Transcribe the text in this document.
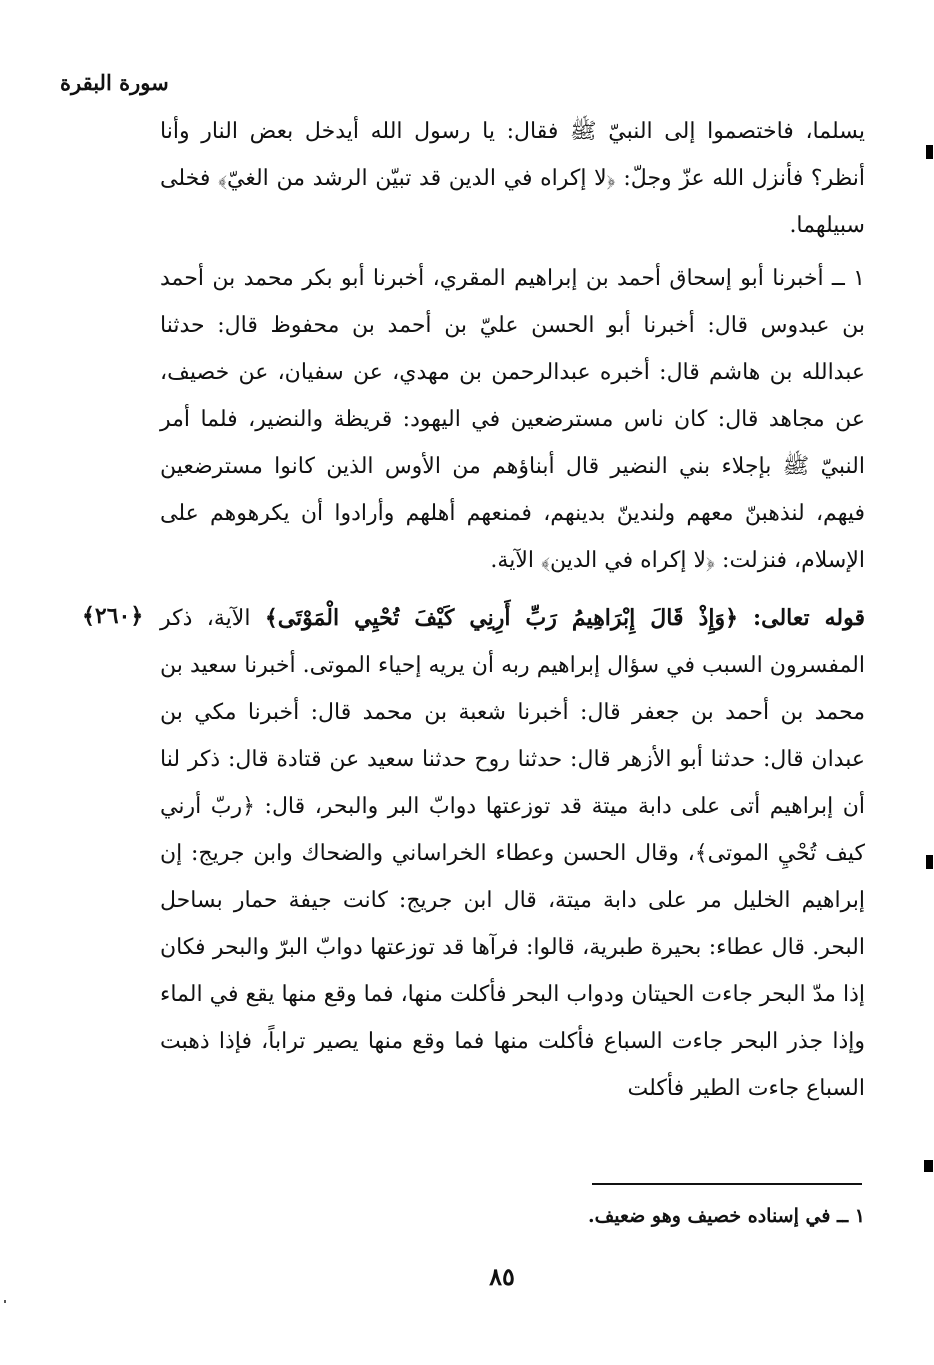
سورة البقرة
يسلما، فاختصموا إلى النبيّ ﷺ فقال: يا رسول الله أيدخل بعض النار وأنا أنظر؟ فأنزل الله عزّ وجلّ: ﴿لا إكراه في الدين قد تبيّن الرشد من الغيّ﴾ فخلى سبيلهما.
١ ــ أخبرنا أبو إسحاق أحمد بن إبراهيم المقري، أخبرنا أبو بكر محمد بن أحمد بن عبدوس قال: أخبرنا أبو الحسن عليّ بن أحمد بن محفوظ قال: حدثنا عبدالله بن هاشم قال: أخبره عبدالرحمن بن مهدي، عن سفيان، عن خصيف، عن مجاهد قال: كان ناس مسترضعين في اليهود: قريظة والنضير، فلما أمر النبيّ ﷺ بإجلاء بني النضير قال أبناؤهم من الأوس الذين كانوا مسترضعين فيهم، لنذهبنّ معهم ولندينّ بدينهم، فمنعهم أهلهم وأرادوا أن يكرهوهم على الإسلام، فنزلت: ﴿لا إكراه في الدين﴾ الآية.
﴿٢٦٠﴾	قوله تعالى: ﴿وَإِذْ قَالَ إِبْرَاهِيمُ رَبِّ أَرِنِي كَيْفَ تُحْيِي الْمَوْتَى﴾ الآية، ذكر المفسرون السبب في سؤال إبراهيم ربه أن يريه إحياء الموتى. أخبرنا سعيد بن محمد بن أحمد بن جعفر قال: أخبرنا شعبة بن محمد قال: أخبرنا مكي بن عبدان قال: حدثنا أبو الأزهر قال: حدثنا روح حدثنا سعيد عن قتادة قال: ذكر لنا أن إبراهيم أتى على دابة ميتة قد توزعتها دوابّ البر والبحر، قال: ﴿ربّ أرني كيف تُحْيِ الموتى﴾، وقال الحسن وعطاء الخراساني والضحاك وابن جريج: إن إبراهيم الخليل مر على دابة ميتة، قال ابن جريج: كانت جيفة حمار بساحل البحر. قال عطاء: بحيرة طبرية، قالوا: فرآها قد توزعتها دوابّ البرّ والبحر فكان إذا مدّ البحر جاءت الحيتان ودواب البحر فأكلت منها، فما وقع منها يقع في الماء وإذا جذر البحر جاءت السباع فأكلت منها فما وقع منها يصير تراباً، فإذا ذهبت السباع جاءت الطير فأكلت
١ ــ في إسناده خصيف وهو ضعيف.
٨٥
